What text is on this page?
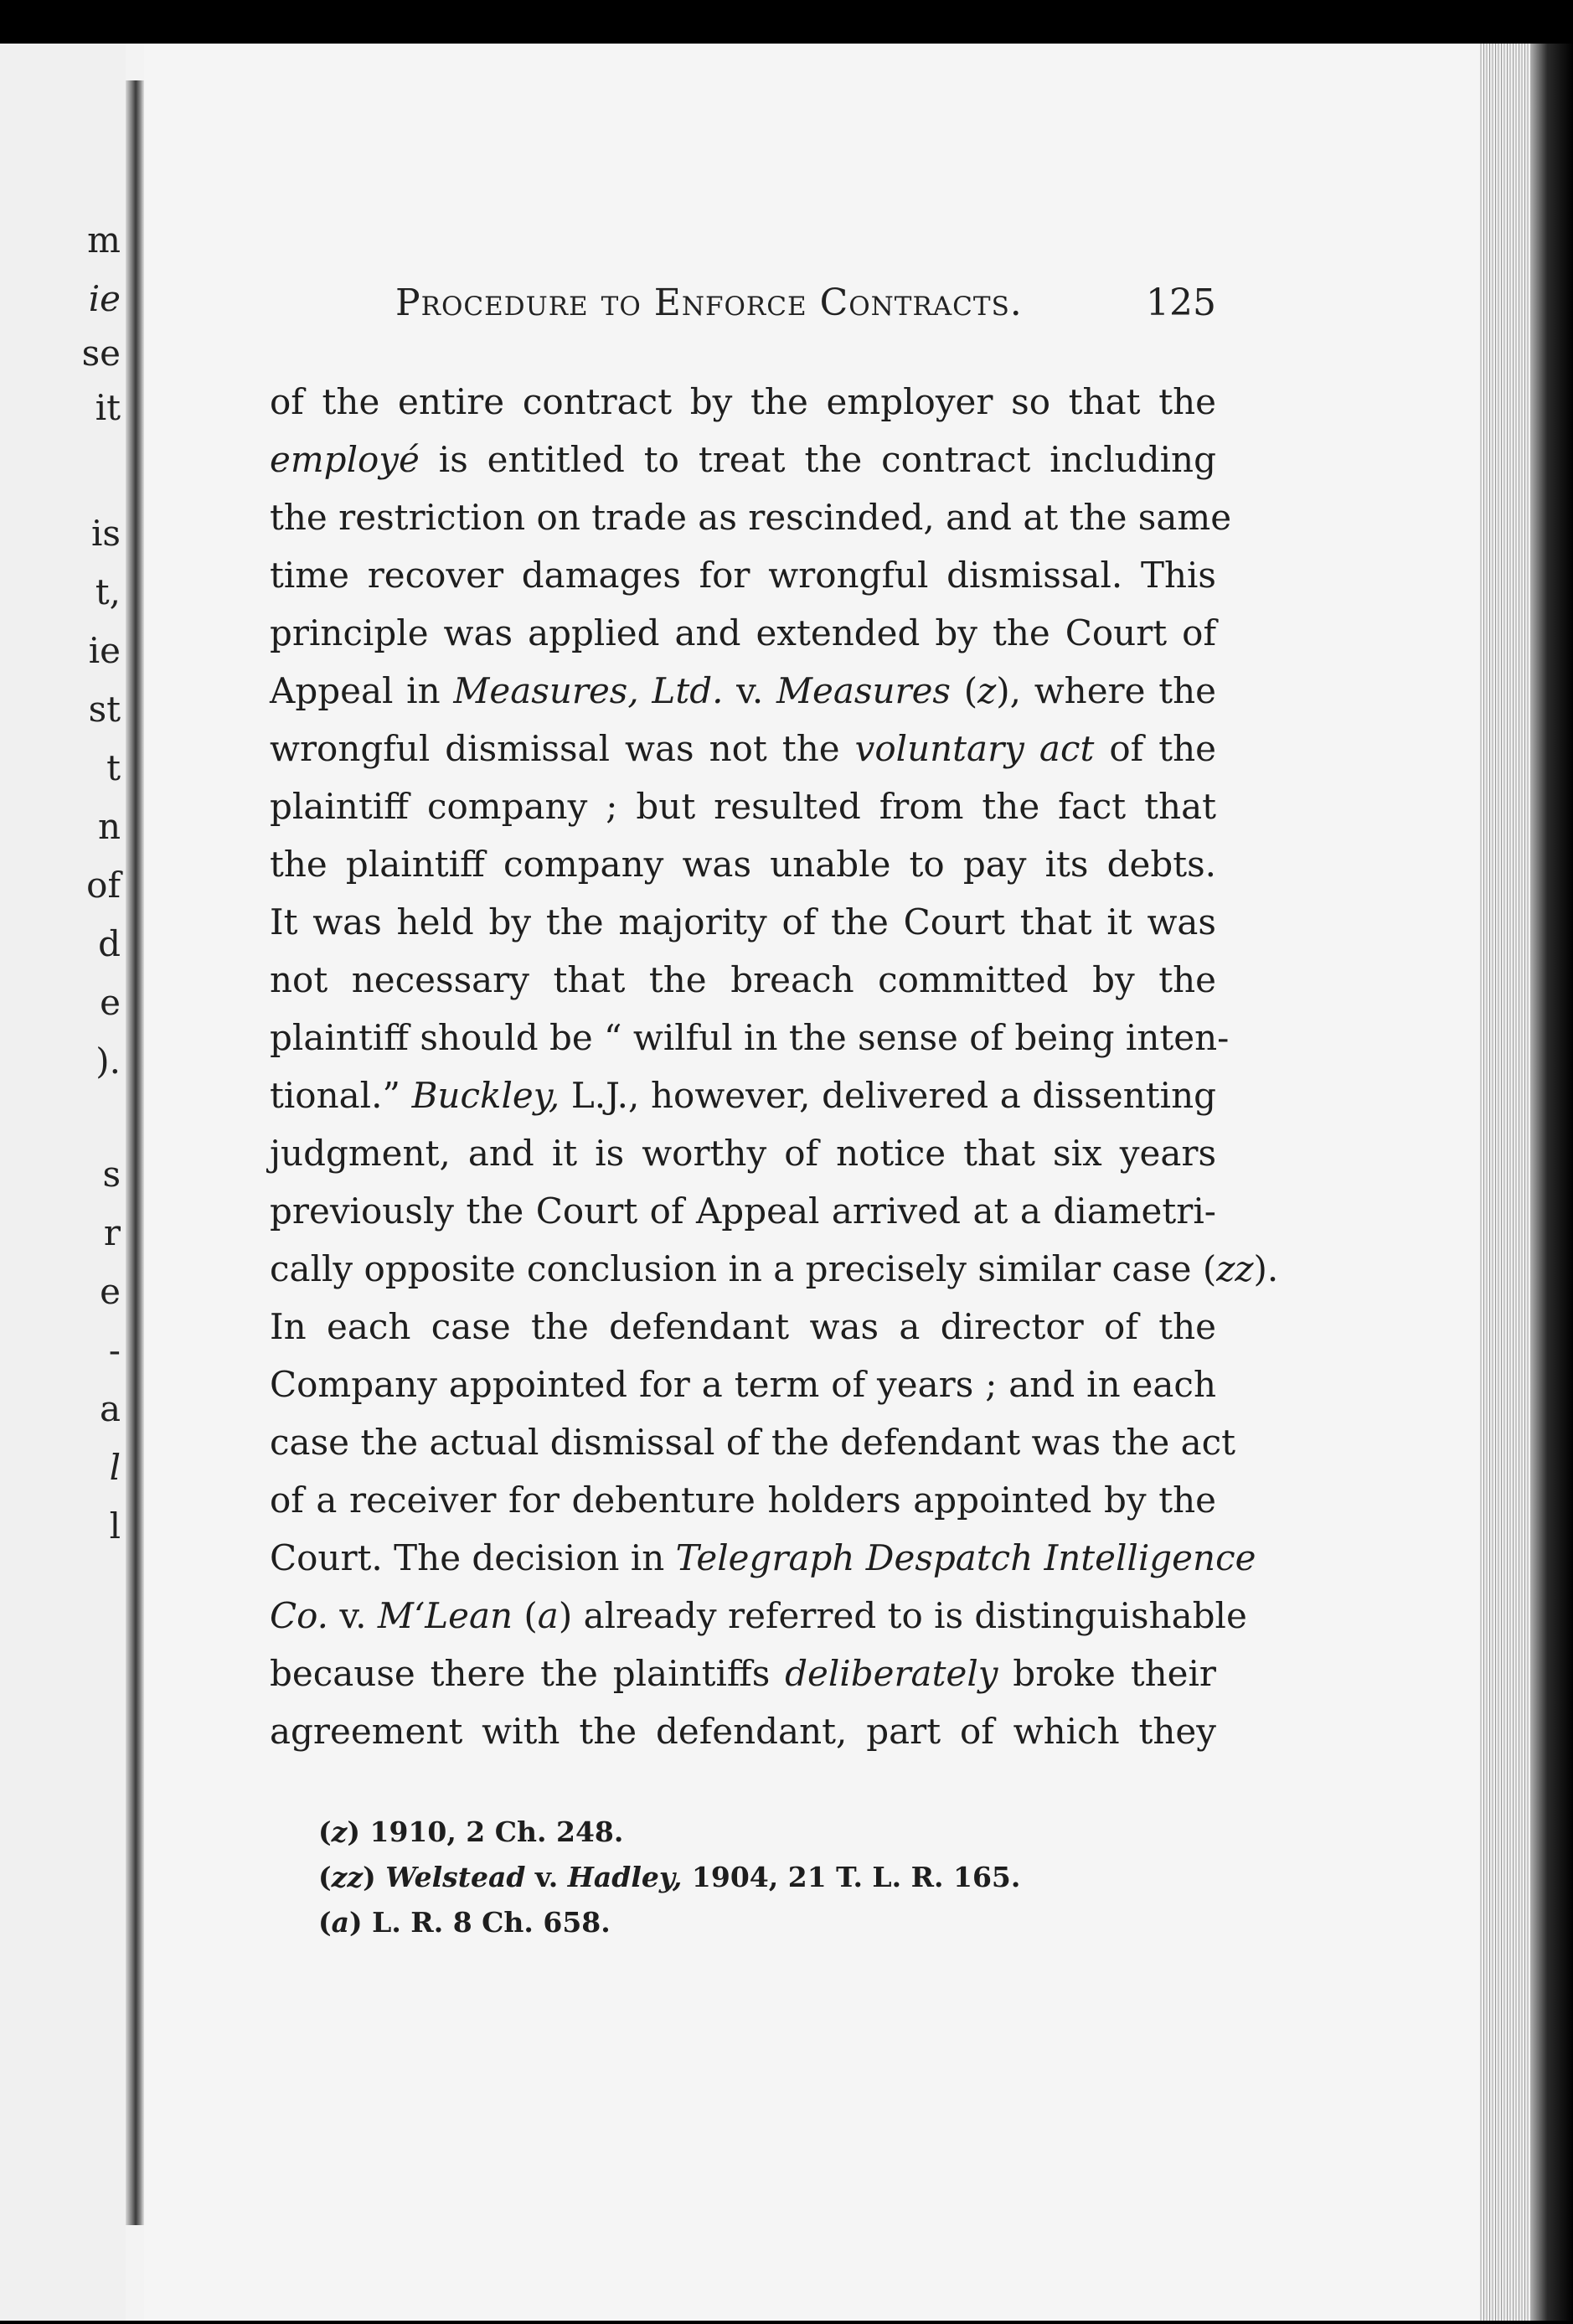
m

ie

se

it

is

t,

ie

st

t

n

of

d

e

).

s

r

e

-

a

l

l

Procedure to Enforce Contracts.	125
of the entire contract by the employer so that the
employé is entitled to treat the contract including
the restriction on trade as rescinded, and at the same
time recover damages for wrongful dismissal. This
principle was applied and extended by the Court of
Appeal in Measures, Ltd. v. Measures (z), where the
wrongful dismissal was not the voluntary act of the
plaintiff company ; but resulted from the fact that
the plaintiff company was unable to pay its debts.
It was held by the majority of the Court that it was
not necessary that the breach committed by the
plaintiff should be “ wilful in the sense of being inten-
tional.” Buckley, L.J., however, delivered a dissenting
judgment, and it is worthy of notice that six years
previously the Court of Appeal arrived at a diametri-
cally opposite conclusion in a precisely similar case (zz).
In each case the defendant was a director of the
Company appointed for a term of years ; and in each
case the actual dismissal of the defendant was the act
of a receiver for debenture holders appointed by the
Court. The decision in Telegraph Despatch Intelligence
Co. v. M‘Lean (a) already referred to is distinguishable
because there the plaintiffs deliberately broke their
agreement with the defendant, part of which they
(z) 1910, 2 Ch. 248.
(zz) Welstead v. Hadley, 1904, 21 T. L. R. 165.
(a) L. R. 8 Ch. 658.
